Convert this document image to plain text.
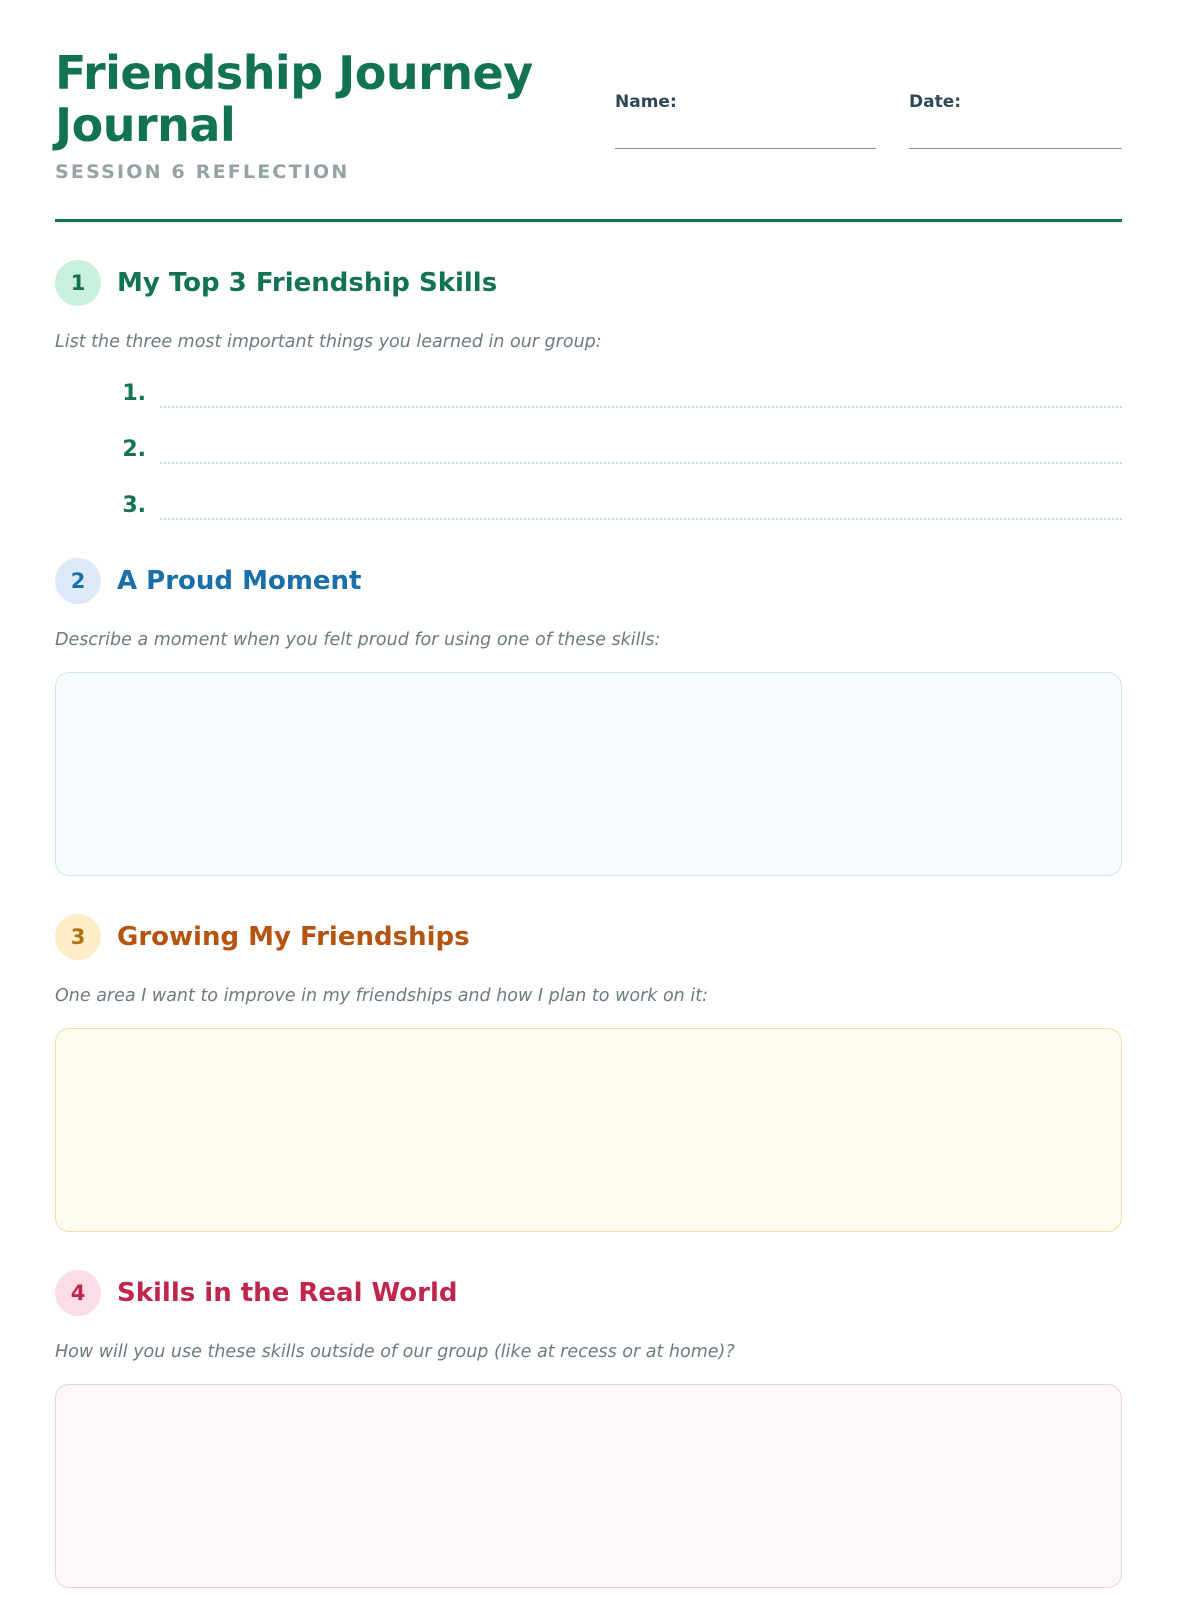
Friendship Journey Journal
SESSION 6 REFLECTION
Name:	Date:
1	My Top 3 Friendship Skills
List the three most important things you learned in our group:
1.
2.
3.
2	A Proud Moment
Describe a moment when you felt proud for using one of these skills:
3	Growing My Friendships
One area I want to improve in my friendships and how I plan to work on it:
4	Skills in the Real World
How will you use these skills outside of our group (like at recess or at home)?
